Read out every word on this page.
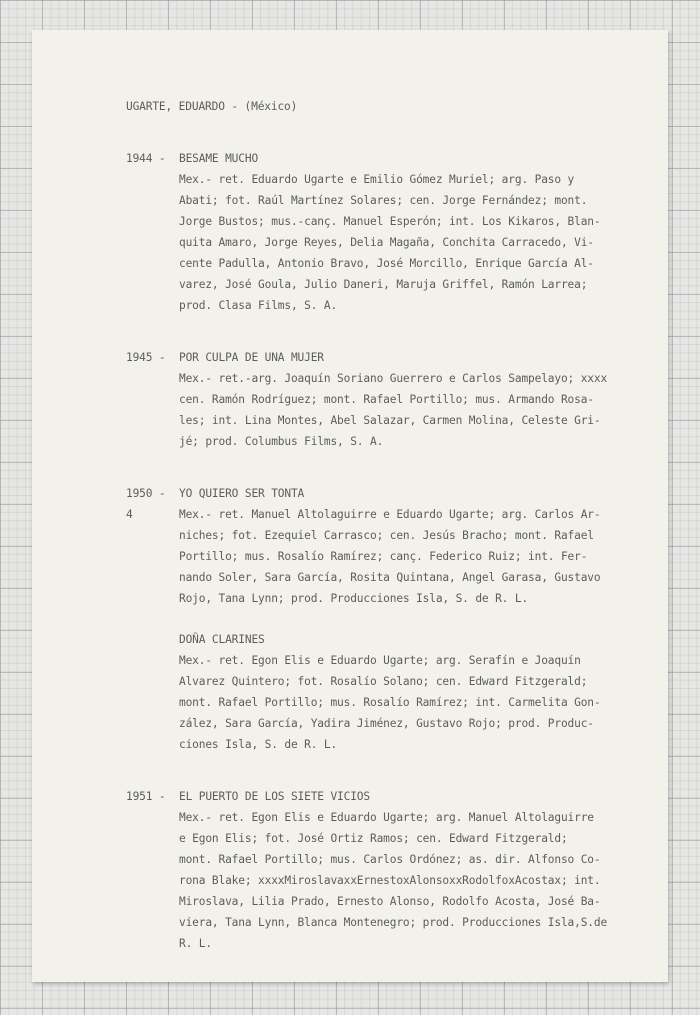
UGARTE, EDUARDO - (México)
1944 -	BESAME MUCHO
Mex.- ret. Eduardo Ugarte e Emilio Gómez Muriel; arg. Paso y
Abati; fot. Raúl Martínez Solares; cen. Jorge Fernández; mont.
Jorge Bustos; mus.-canç. Manuel Esperón; int. Los Kikaros, Blan-
quita Amaro, Jorge Reyes, Delia Magaña, Conchita Carracedo, Vi-
cente Padulla, Antonio Bravo, José Morcillo, Enrique García Al-
varez, José Goula, Julio Daneri, Maruja Griffel, Ramón Larrea;
prod. Clasa Films, S. A.
1945 -	POR CULPA DE UNA MUJER
Mex.- ret.-arg. Joaquín Soriano Guerrero e Carlos Sampelayo; xxxx
cen. Ramón Rodríguez; mont. Rafael Portillo; mus. Armando Rosa-
les; int. Lina Montes, Abel Salazar, Carmen Molina, Celeste Gri-
jé; prod. Columbus Films, S. A.
1950 -	YO QUIERO SER TONTA
4	Mex.- ret. Manuel Altolaguirre e Eduardo Ugarte; arg. Carlos Ar-
niches; fot. Ezequiel Carrasco; cen. Jesús Bracho; mont. Rafael
Portillo; mus. Rosalío Ramírez; canç. Federico Ruiz; int. Fer-
nando Soler, Sara García, Rosita Quintana, Angel Garasa, Gustavo
Rojo, Tana Lynn; prod. Producciones Isla, S. de R. L.
DOÑA CLARINES
Mex.- ret. Egon Elis e Eduardo Ugarte; arg. Serafín e Joaquín
Alvarez Quintero; fot. Rosalío Solano; cen. Edward Fitzgerald;
mont. Rafael Portillo; mus. Rosalío Ramírez; int. Carmelita Gon-
zález, Sara García, Yadira Jiménez, Gustavo Rojo; prod. Produc-
ciones Isla, S. de R. L.
1951 -	EL PUERTO DE LOS SIETE VICIOS
Mex.- ret. Egon Elis e Eduardo Ugarte; arg. Manuel Altolaguirre
e Egon Elis; fot. José Ortiz Ramos; cen. Edward Fitzgerald;
mont. Rafael Portillo; mus. Carlos Ordónez; as. dir. Alfonso Co-
rona Blake; xxxxMiroslavaxxErnestoxAlonsoxxRodolfoxAcostax; int.
Miroslava, Lilia Prado, Ernesto Alonso, Rodolfo Acosta, José Ba-
viera, Tana Lynn, Blanca Montenegro; prod. Producciones Isla,S.de
R. L.
